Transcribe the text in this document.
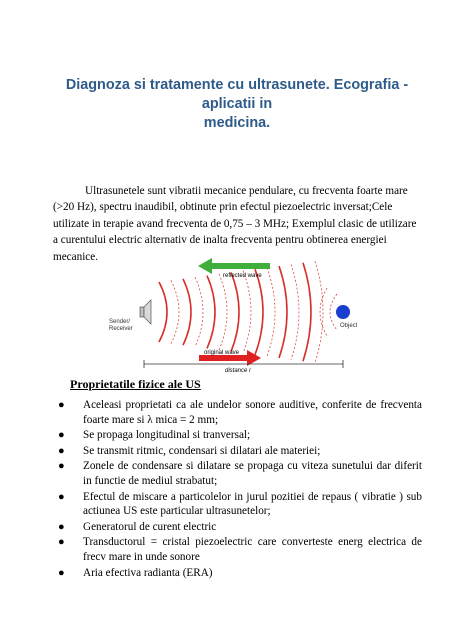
Diagnoza si tratamente cu ultrasunete. Ecografia -
aplicatii in
medicina.
Ultrasunetele sunt vibratii mecanice pendulare, cu frecventa foarte mare (>20 Hz), spectru inaudibil, obtinute prin efectul piezoelectric inversat;Cele utilizate in terapie avand frecventa de 0,75 – 3 MHz; Exemplul clasic de utilizare a curentului electric alternativ de inalta frecventa pentru obtinerea energiei mecanice.
reflected wave
Sender/
Receiver	Object
original wave
distance r
Proprietatile fizice ale US
● Aceleasi proprietati ca ale undelor sonore auditive, conferite de frecventa foarte mare si λ mica = 2 mm;
● Se propaga longitudinal si tranversal;
● Se transmit ritmic, condensari si dilatari ale materiei;
● Zonele de condensare si dilatare se propaga cu viteza sunetului dar diferit in functie de mediul strabatut;
● Efectul de miscare a particolelor in jurul pozitiei de repaus ( vibratie ) sub actiunea US este particular ultrasunetelor;
● Generatorul de curent electric
● Transductorul = cristal piezoelectric care converteste energ electrica de frecv mare in unde sonore
● Aria efectiva radianta (ERA)
